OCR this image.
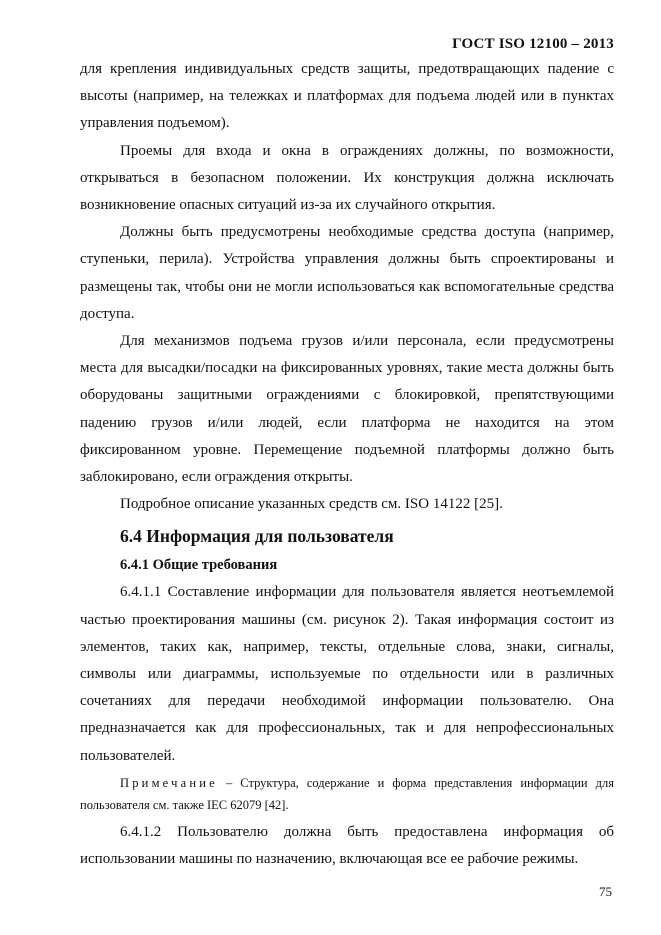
ГОСТ ISO 12100 – 2013

для крепления индивидуальных средств защиты, предотвращающих падение с высоты (например, на тележках и платформах для подъема людей или в пунктах управления подъемом).

Проемы для входа и окна в ограждениях должны, по возможности, открываться в безопасном положении. Их конструкция должна исключать возникновение опасных ситуаций из-за их случайного открытия.

Должны быть предусмотрены необходимые средства доступа (например, ступеньки, перила). Устройства управления должны быть спроектированы и размещены так, чтобы они не могли использоваться как вспомогательные средства доступа.

Для механизмов подъема грузов и/или персонала, если предусмотрены места для высадки/посадки на фиксированных уровнях, такие места должны быть оборудованы защитными ограждениями с блокировкой, препятствующими падению грузов и/или людей, если платформа не находится на этом фиксированном уровне. Перемещение подъемной платформы должно быть заблокировано, если ограждения открыты.

Подробное описание указанных средств см. ISO 14122 [25].

6.4 Информация для пользователя

6.4.1 Общие требования

6.4.1.1 Составление информации для пользователя является неотъемлемой частью проектирования машины (см. рисунок 2). Такая информация состоит из элементов, таких как, например, тексты, отдельные слова, знаки, сигналы, символы или диаграммы, используемые по отдельности или в различных сочетаниях для передачи необходимой информации пользователю. Она предназначается как для профессиональных, так и для непрофессиональных пользователей.

Примечание – Структура, содержание и форма представления информации для пользователя см. также IEC 62079 [42].

6.4.1.2 Пользователю должна быть предоставлена информация об использовании машины по назначению, включающая все ее рабочие режимы.

75
